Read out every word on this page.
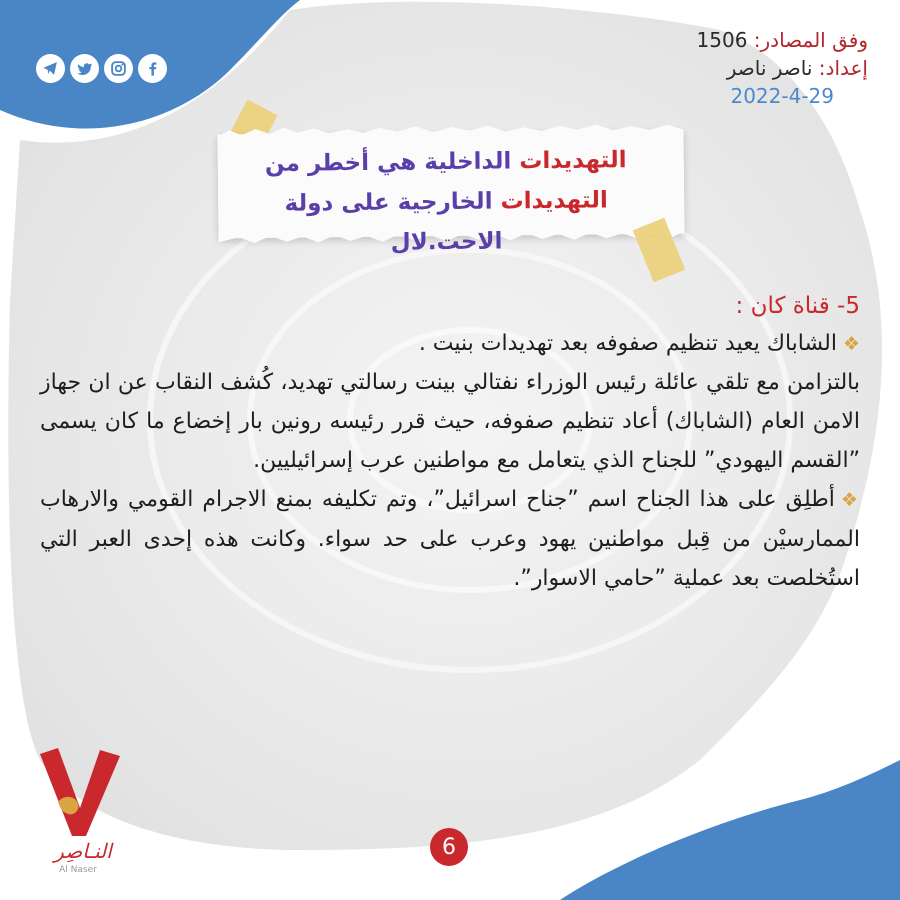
وفق المصادر: 1506
إعداد: ناصر ناصر
2022-4-29
التهديدات الداخلية هي أخطر من
التهديدات الخارجية على دولة الاحت.لال
5- قناة كان :
❖الشاباك يعيد تنظيم صفوفه بعد تهديدات بنيت .
بالتزامن مع تلقي عائلة رئيس الوزراء نفتالي بينت رسالتي تهديد، كُشف النقاب عن ان جهاز الامن العام (الشاباك) أعاد تنظيم صفوفه، حيث قرر رئيسه رونين بار إخضاع ما كان يسمى ”القسم اليهودي” للجناح الذي يتعامل مع مواطنين عرب إسرائيليين.
❖أطلِق على هذا الجناح اسم ”جناح اسرائيل”، وتم تكليفه بمنع الاجرام القومي والارهاب الممارسيْن من قِبل مواطنين يهود وعرب على حد سواء. وكانت هذه إحدى العبر التي استُخلصت بعد عملية ”حامي الاسوار”.
النـاصِر
Al Naser
6
